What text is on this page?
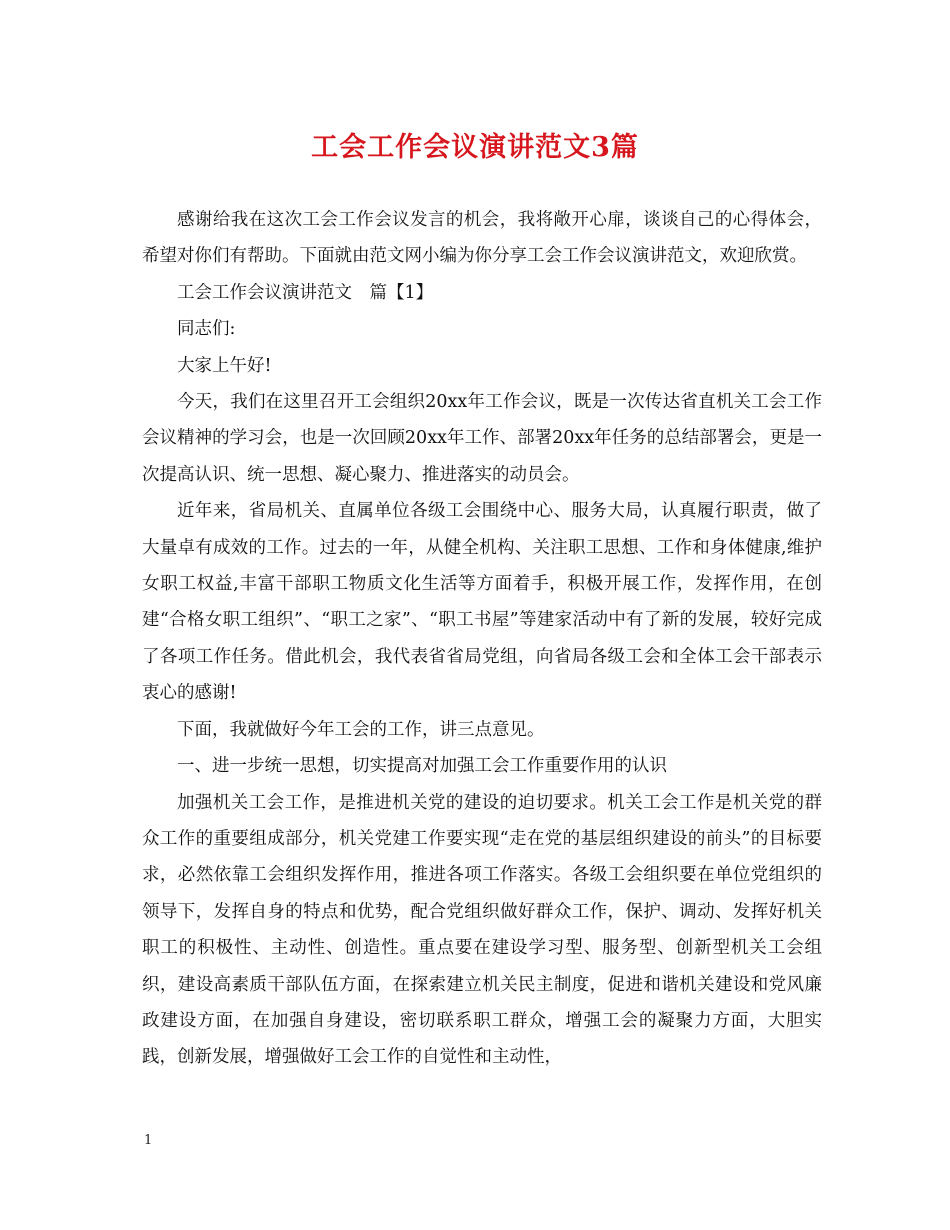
工会工作会议演讲范文3篇

感谢给我在这次工会工作会议发言的机会，我将敞开心扉，谈谈自己的心得体会，希望对你们有帮助。下面就由范文网小编为你分享工会工作会议演讲范文，欢迎欣赏。

工会工作会议演讲范文　篇【1】

同志们:

大家上午好!

今天，我们在这里召开工会组织20xx年工作会议，既是一次传达省直机关工会工作会议精神的学习会，也是一次回顾20xx年工作、部署20xx年任务的总结部署会，更是一次提高认识、统一思想、凝心聚力、推进落实的动员会。

近年来，省局机关、直属单位各级工会围绕中心、服务大局，认真履行职责，做了大量卓有成效的工作。过去的一年，从健全机构、关注职工思想、工作和身体健康,维护女职工权益,丰富干部职工物质文化生活等方面着手，积极开展工作，发挥作用，在创建“合格女职工组织”、“职工之家”、“职工书屋”等建家活动中有了新的发展，较好完成了各项工作任务。借此机会，我代表省省局党组，向省局各级工会和全体工会干部表示衷心的感谢!

下面，我就做好今年工会的工作，讲三点意见。

一、进一步统一思想，切实提高对加强工会工作重要作用的认识

加强机关工会工作，是推进机关党的建设的迫切要求。机关工会工作是机关党的群众工作的重要组成部分，机关党建工作要实现“走在党的基层组织建设的前头”的目标要求，必然依靠工会组织发挥作用，推进各项工作落实。各级工会组织要在单位党组织的领导下，发挥自身的特点和优势，配合党组织做好群众工作，保护、调动、发挥好机关职工的积极性、主动性、创造性。重点要在建设学习型、服务型、创新型机关工会组织，建设高素质干部队伍方面，在探索建立机关民主制度，促进和谐机关建设和党风廉政建设方面，在加强自身建设，密切联系职工群众，增强工会的凝聚力方面，大胆实践，创新发展，增强做好工会工作的自觉性和主动性，

1
